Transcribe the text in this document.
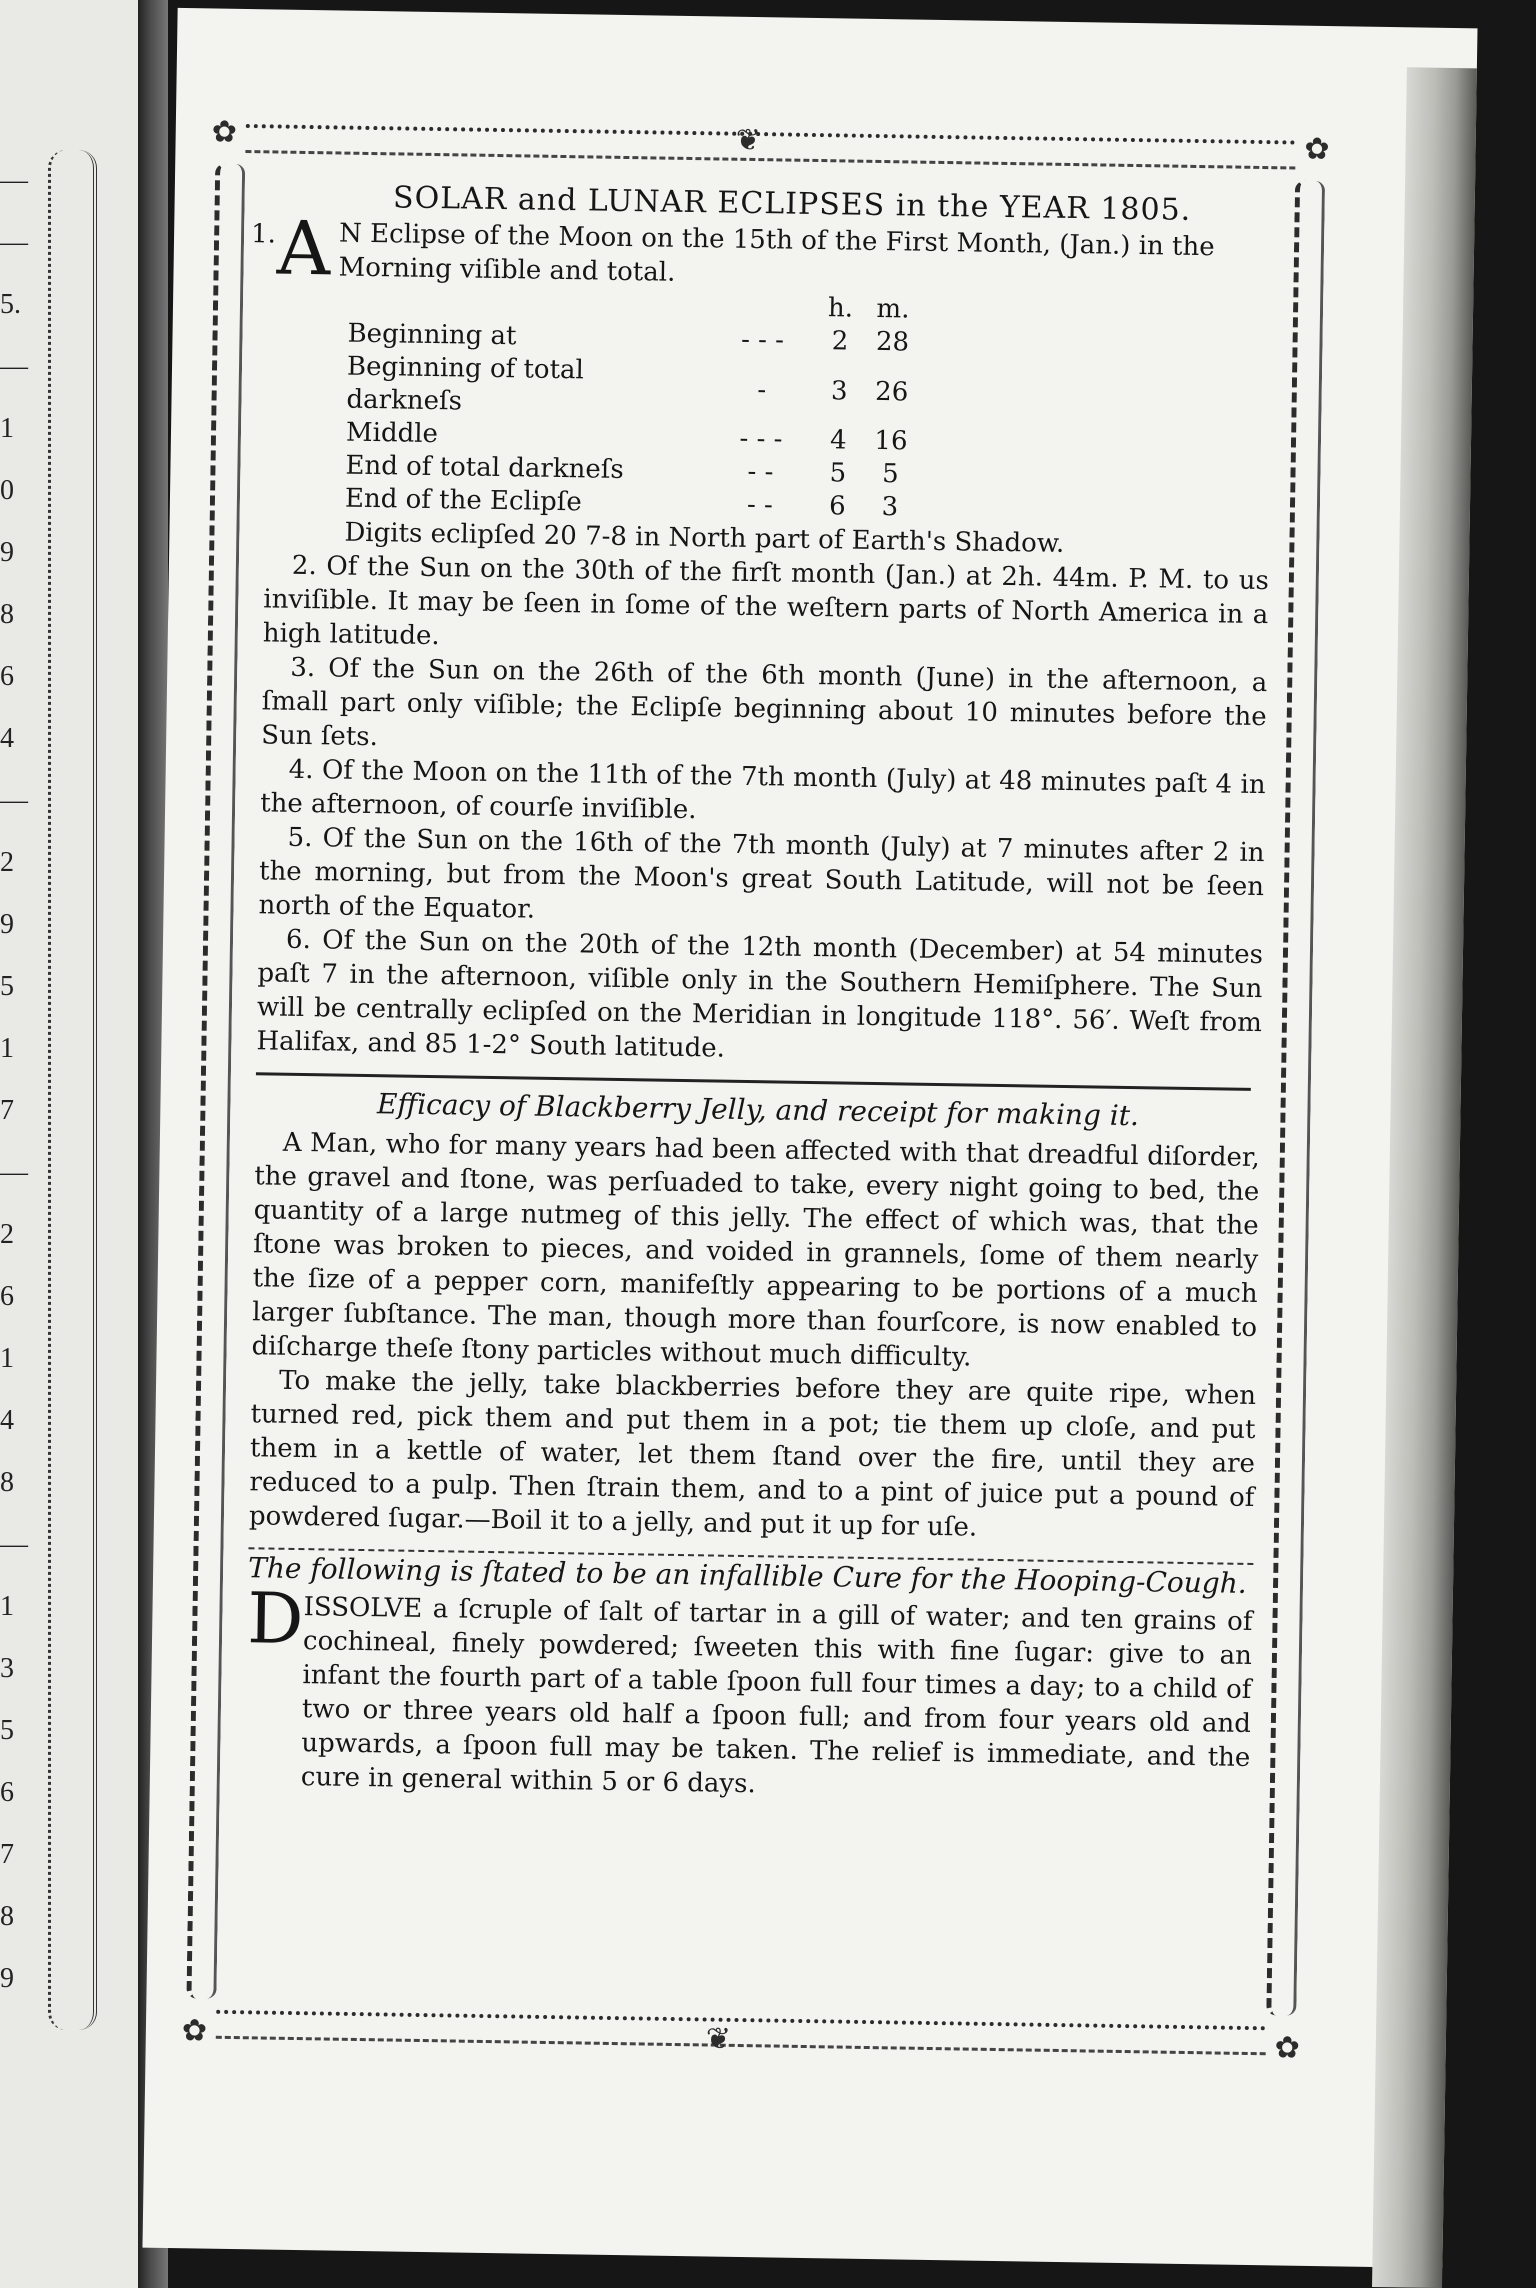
—
—
5.
—
1
0
9
8
6
4
—
2
9
5
1
7
—
2
6
1
4
8
—
1
3
5
6
7
8
9
✿	✿
✿	✿
❦
❦
SOLAR and LUNAR ECLIPSES in the YEAR 1805.
1. A N Eclipse of the Moon on the 15th of the First Month, (Jan.) in the Morning viſible and total.
		h.	m.
Beginning at	- - -	2	28
Beginning of total darkneſs	-	3	26
Middle	- - -	4	16
End of total darkneſs	- -	5	5
End of the Eclipſe	- -	6	3
Digits eclipſed 20 7-8 in North part of Earth's Shadow.

2. Of the Sun on the 30th of the firſt month (Jan.) at 2h. 44m. P. M. to us inviſible. It may be ſeen in ſome of the weſtern parts of North America in a high latitude.

3. Of the Sun on the 26th of the 6th month (June) in the afternoon, a ſmall part only viſible; the Eclipſe beginning about 10 minutes before the Sun ſets.

4. Of the Moon on the 11th of the 7th month (July) at 48 minutes paſt 4 in the afternoon, of courſe inviſible.

5. Of the Sun on the 16th of the 7th month (July) at 7 minutes after 2 in the morning, but from the Moon's great South Latitude, will not be ſeen north of the Equator.

6. Of the Sun on the 20th of the 12th month (December) at 54 minutes paſt 7 in the afternoon, viſible only in the Southern Hemiſphere. The Sun will be centrally eclipſed on the Meridian in longitude 118°. 56′. Weſt from Halifax, and 85 1-2° South latitude.

Efficacy of Blackberry Jelly, and receipt for making it.

A Man, who for many years had been affected with that dreadful diſorder, the gravel and ſtone, was perſuaded to take, every night going to bed, the quantity of a large nutmeg of this jelly. The effect of which was, that the ſtone was broken to pieces, and voided in grannels, ſome of them nearly the ſize of a pepper corn, manifeſtly appearing to be portions of a much larger ſubſtance. The man, though more than fourſcore, is now enabled to diſcharge theſe ſtony particles without much difficulty.

To make the jelly, take blackberries before they are quite ripe, when turned red, pick them and put them in a pot; tie them up cloſe, and put them in a kettle of water, let them ſtand over the fire, until they are reduced to a pulp. Then ſtrain them, and to a pint of juice put a pound of powdered ſugar.—Boil it to a jelly, and put it up for uſe.

The following is ſtated to be an infallible Cure for the Hooping-Cough.
D ISSOLVE a ſcruple of ſalt of tartar in a gill of water; and ten grains of cochineal, finely powdered; ſweeten this with fine ſugar: give to an infant the fourth part of a table ſpoon full four times a day; to a child of two or three years old half a ſpoon full; and from four years old and upwards, a ſpoon full may be taken. The relief is immediate, and the cure in general within 5 or 6 days.
